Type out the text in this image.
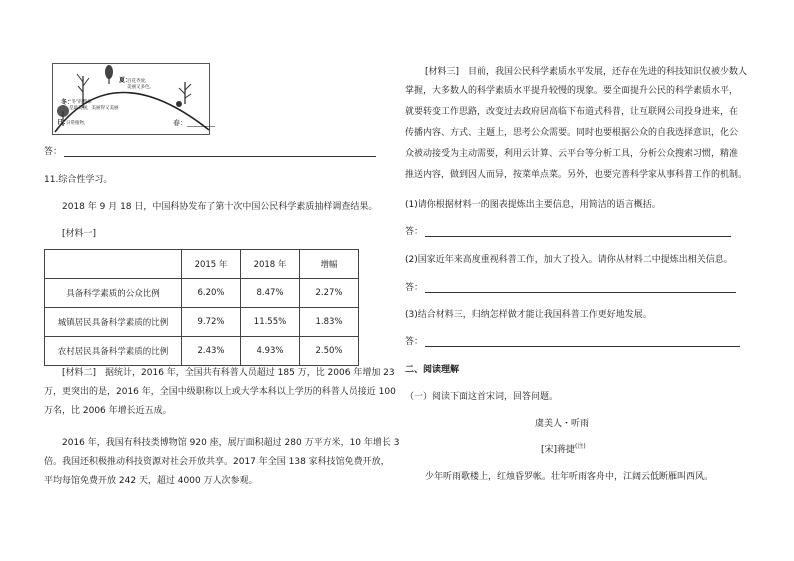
夏：
百花齐放，
美丽又多色。
冬：
“冬”的整体
是最美丽，美丽得又美丽
日：
日常植物，	春：________
答：
11.综合性学习。
2018 年 9 月 18 日，中国科协发布了第十次中国公民科学素质抽样调查结果。
[材料一]
	2015 年	2018 年	增幅
具备科学素质的公众比例	6.20%	8.47%	2.27%
城镇居民具备科学素质的比例	9.72%	11.55%	1.83%
农村居民具备科学素质的比例	2.43%	4.93%	2.50%
[材料二]　据统计，2016 年，全国共有科普人员超过 185 万，比 2006 年增加 23
万，更突出的是，2016 年，全国中级职称以上或大学本科以上学历的科普人员接近 100
万名，比 2006 年增长近五成。
2016 年，我国有科技类博物馆 920 座，展厅面积超过 280 万平方米，10 年增长 3
倍。我国还积极推动科技资源对社会开放共享。2017 年全国 138 家科技馆免费开放，
平均每馆免费开放 242 天，超过 4000 万人次参观。
[材料三]　目前，我国公民科学素质水平发展，还存在先进的科技知识仅被少数人
掌握，大多数人的科学素质水平提升较慢的现象。要全面提升公民的科学素质水平，
就要转变工作思路，改变过去政府居高临下布道式科普，让互联网公司投身进来，在
传播内容、方式、主题上，思考公众需要。同时也要根据公众的自我选择意识，化公
众被动接受为主动需要，利用云计算、云平台等分析工具，分析公众搜索习惯，精准
推送内容，做到因人而异，按菜单点菜。另外，也要完善科学家从事科普工作的机制。
(1)请你根据材料一的图表提炼出主要信息，用简洁的语言概括。
答：
(2)国家近年来高度重视科普工作，加大了投入。请你从材料二中提炼出相关信息。
答：
(3)结合材料三，归纳怎样做才能让我国科普工作更好地发展。
答：
二、阅读理解
（一）阅读下面这首宋词，回答问题。
虞美人・听雨
[宋]蒋捷$^{(注)}$
少年听雨歌楼上，红烛昏罗帐。壮年听雨客舟中，江阔云低断雁叫西风。
